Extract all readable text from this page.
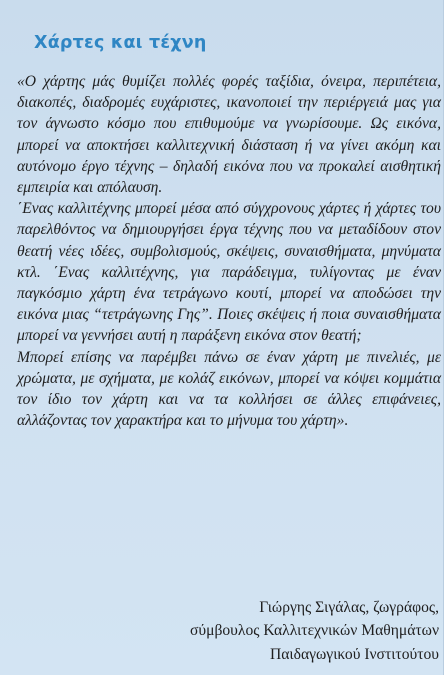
Χάρτες και τέχνη

«Ο χάρτης μάς θυμίζει πολλές φορές ταξίδια, όνειρα, περιπέτεια, διακοπές, διαδρομές ευχάριστες, ικανοποιεί την περιέργειά μας για τον άγνωστο κόσμο που επιθυμούμε να γνωρίσουμε. Ως εικόνα, μπορεί να αποκτήσει καλλιτεχνική διάσταση ή να γίνει ακόμη και αυτόνομο έργο τέχνης – δηλαδή εικόνα που να προκαλεί αισθητική εμπειρία και απόλαυση.

΄Ενας καλλιτέχνης μπορεί μέσα από σύγχρονους χάρτες ή χάρτες του παρελθόντος να δημιουργήσει έργα τέχνης που να μεταδίδουν στον θεατή νέες ιδέες, συμβολισμούς, σκέψεις, συναισθήματα, μηνύματα κτλ. ΄Ενας καλλιτέχνης, για παράδειγμα, τυλίγοντας με έναν παγκόσμιο χάρτη ένα τετράγωνο κουτί, μπορεί να αποδώσει την εικόνα μιας “τετράγωνης Γης”. Ποιες σκέψεις ή ποια συναισθήματα μπορεί να γεννήσει αυτή η παράξενη εικόνα στον θεατή;

Μπορεί επίσης να παρέμβει πάνω σε έναν χάρτη με πινελιές, με χρώματα, με σχήματα, με κολάζ εικόνων, μπορεί να κόψει κομμάτια τον ίδιο τον χάρτη και να τα κολλήσει σε άλλες επιφάνειες, αλλάζοντας τον χαρακτήρα και το μήνυμα του χάρτη».

Γιώργης Σιγάλας, ζωγράφος,
σύμβουλος Καλλιτεχνικών Μαθημάτων
Παιδαγωγικού Ινστιτούτου
